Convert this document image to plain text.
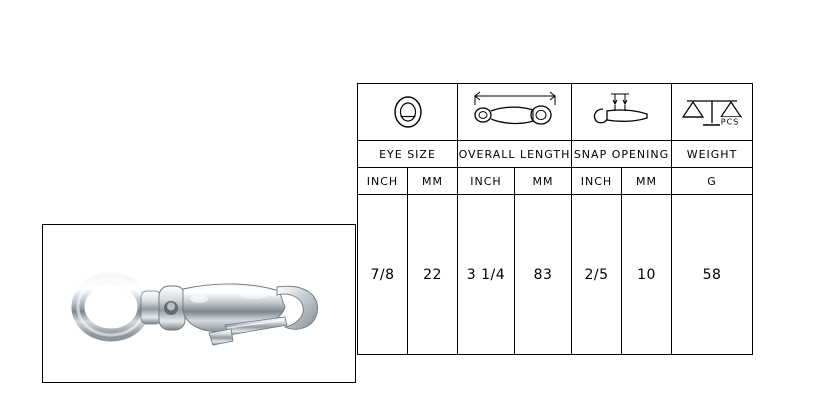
PCS

EYE SIZE		OVERALL LENGTH		SNAP OPENING		WEIGHT
INCH	MM	INCH	MM	INCH	MM	G
7/8	22	3 1/4	83	2/5	10	58
